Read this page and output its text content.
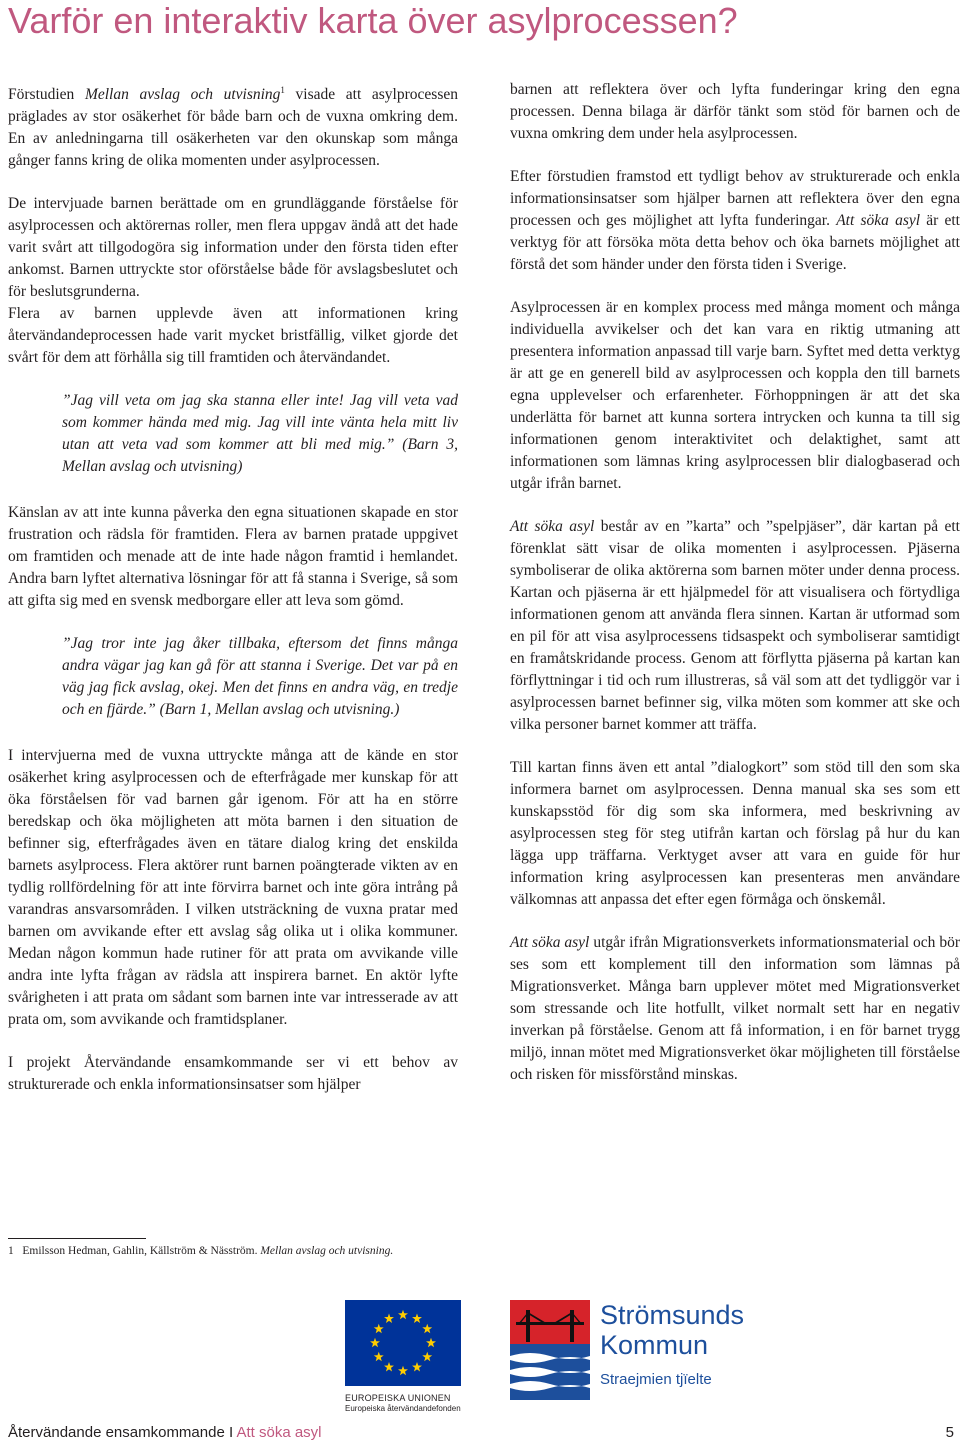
Varför en interaktiv karta över asylprocessen?

Förstudien Mellan avslag och utvisning$^1$ visade att asylprocessen präglades av stor osäkerhet för både barn och de vuxna omkring dem. En av anledningarna till osäkerheten var den okunskap som många gånger fanns kring de olika momenten under asylprocessen.

De intervjuade barnen berättade om en grundläggande förståelse för asylprocessen och aktörernas roller, men flera uppgav ändå att det hade varit svårt att tillgodogöra sig information under den första tiden efter ankomst. Barnen uttryckte stor oförståelse både för avslagsbeslutet och för beslutsgrunderna.

Flera av barnen upplevde även att informationen kring återvändandeprocessen hade varit mycket bristfällig, vilket gjorde det svårt för dem att förhålla sig till framtiden och återvändandet.

”Jag vill veta om jag ska stanna eller inte! Jag vill veta vad som kommer hända med mig. Jag vill inte vänta hela mitt liv utan att veta vad som kommer att bli med mig.” (Barn 3, Mellan avslag och utvisning)

Känslan av att inte kunna påverka den egna situationen skapade en stor frustration och rädsla för framtiden. Flera av barnen pratade uppgivet om framtiden och menade att de inte hade någon framtid i hemlandet. Andra barn lyftet alternativa lösningar för att få stanna i Sverige, så som att gifta sig med en svensk medborgare eller att leva som gömd.

”Jag tror inte jag åker tillbaka, eftersom det finns många andra vägar jag kan gå för att stanna i Sverige. Det var på en väg jag fick avslag, okej. Men det finns en andra väg, en tredje och en fjärde.” (Barn 1, Mellan avslag och utvisning.)

I intervjuerna med de vuxna uttryckte många att de kände en stor osäkerhet kring asylprocessen och de efterfrågade mer kunskap för att öka förståelsen för vad barnen går igenom. För att ha en större beredskap och öka möjligheten att möta barnen i den situation de befinner sig, efterfrågades även en tätare dialog kring det enskilda barnets asylprocess. Flera aktörer runt barnen poängterade vikten av en tydlig rollfördelning för att inte förvirra barnet och inte göra intrång på varandras ansvarsområden. I vilken utsträckning de vuxna pratar med barnen om avvikande efter ett avslag såg olika ut i olika kommuner. Medan någon kommun hade rutiner för att prata om avvikande ville andra inte lyfta frågan av rädsla att inspirera barnet. En aktör lyfte svårigheten i att prata om sådant som barnen inte var intresserade av att prata om, som avvikande och framtidsplaner.

I projekt Återvändande ensamkommande ser vi ett behov av strukturerade och enkla informationsinsatser som hjälper

barnen att reflektera över och lyfta funderingar kring den egna processen. Denna bilaga är därför tänkt som stöd för barnen och de vuxna omkring dem under hela asylprocessen.

Efter förstudien framstod ett tydligt behov av strukturerade och enkla informationsinsatser som hjälper barnen att reflektera över den egna processen och ges möjlighet att lyfta funderingar. Att söka asyl är ett verktyg för att försöka möta detta behov och öka barnets möjlighet att förstå det som händer under den första tiden i Sverige.

Asylprocessen är en komplex process med många moment och många individuella avvikelser och det kan vara en riktig utmaning att presentera information anpassad till varje barn. Syftet med detta verktyg är att ge en generell bild av asylprocessen och koppla den till barnets egna upplevelser och erfarenheter. Förhoppningen är att det ska underlätta för barnet att kunna sortera intrycken och kunna ta till sig informationen genom interaktivitet och delaktighet, samt att informationen som lämnas kring asylprocessen blir dialogbaserad och utgår ifrån barnet.

Att söka asyl består av en ”karta” och ”spelpjäser”, där kartan på ett förenklat sätt visar de olika momenten i asylprocessen. Pjäserna symboliserar de olika aktörerna som barnen möter under denna process. Kartan och pjäserna är ett hjälpmedel för att visualisera och förtydliga informationen genom att använda flera sinnen. Kartan är utformad som en pil för att visa asylprocessens tidsaspekt och symboliserar samtidigt en framåtskridande process. Genom att förflytta pjäserna på kartan kan förflyttningar i tid och rum illustreras, så väl som att det tydliggör var i asylprocessen barnet befinner sig, vilka möten som kommer att ske och vilka personer barnet kommer att träffa.

Till kartan finns även ett antal ”dialogkort” som stöd till den som ska informera barnet om asylprocessen. Denna manual ska ses som ett kunskapsstöd för dig som ska informera, med beskrivning av asylprocessen steg för steg utifrån kartan och förslag på hur du kan lägga upp träffarna. Verktyget avser att vara en guide för hur information kring asylprocessen kan presenteras men användare välkomnas att anpassa det efter egen förmåga och önskemål.

Att söka asyl utgår ifrån Migrationsverkets informationsmaterial och bör ses som ett komplement till den information som lämnas på Migrationsverket. Många barn upplever mötet med Migrationsverket som stressande och lite hotfullt, vilket normalt sett har en negativ inverkan på förståelse. Genom att få information, i en för barnet trygg miljö, innan mötet med Migrationsverket ökar möjligheten till förståelse och risken för missförstånd minskas.

1 Emilsson Hedman, Gahlin, Källström & Näsström. Mellan avslag och utvisning.

EUROPEISKA UNIONEN
Europeiska återvändandefonden
Strömsunds
Kommun
Straejmien tjïelte
Återvändande ensamkommande I Att söka asyl	5
